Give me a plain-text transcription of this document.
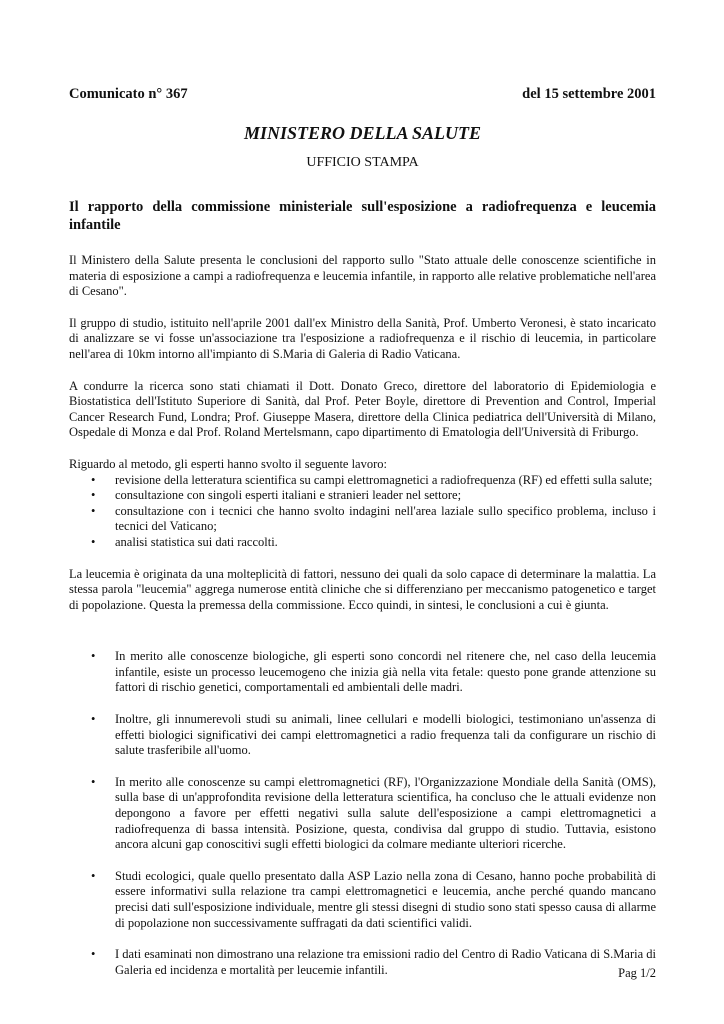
Comunicato n° 367	del 15 settembre 2001
MINISTERO DELLA SALUTE
UFFICIO STAMPA
Il rapporto della commissione ministeriale sull'esposizione a radiofrequenza e leucemia infantile

Il Ministero della Salute presenta le conclusioni del rapporto sullo "Stato attuale delle conoscenze scientifiche in materia di esposizione a campi a radiofrequenza e leucemia infantile, in rapporto alle relative problematiche nell'area di Cesano".

Il gruppo di studio, istituito nell'aprile 2001 dall'ex Ministro della Sanità, Prof. Umberto Veronesi, è stato incaricato di analizzare se vi fosse un'associazione tra l'esposizione a radiofrequenza e il rischio di leucemia, in particolare nell'area di 10km intorno all'impianto di S.Maria di Galeria di Radio Vaticana.

A condurre la ricerca sono stati chiamati il Dott. Donato Greco, direttore del laboratorio di Epidemiologia e Biostatistica dell'Istituto Superiore di Sanità, dal Prof. Peter Boyle, direttore di Prevention and Control, Imperial Cancer Research Fund, Londra; Prof. Giuseppe Masera, direttore della Clinica pediatrica dell'Università di Milano, Ospedale di Monza e dal Prof. Roland Mertelsmann, capo dipartimento di Ematologia dell'Università di Friburgo.

Riguardo al metodo, gli esperti hanno svolto il seguente lavoro:

• revisione della letteratura scientifica su campi elettromagnetici a radiofrequenza (RF) ed effetti sulla salute;
• consultazione con singoli esperti italiani e stranieri leader nel settore;
• consultazione con i tecnici che hanno svolto indagini nell'area laziale sullo specifico problema, incluso i tecnici del Vaticano;
• analisi statistica sui dati raccolti.

La leucemia è originata da una molteplicità di fattori, nessuno dei quali da solo capace di determinare la malattia. La stessa parola "leucemia" aggrega numerose entità cliniche che si differenziano per meccanismo patogenetico e target di popolazione. Questa la premessa della commissione. Ecco quindi, in sintesi, le conclusioni a cui è giunta.

• In merito alle conoscenze biologiche, gli esperti sono concordi nel ritenere che, nel caso della leucemia infantile, esiste un processo leucemogeno che inizia già nella vita fetale: questo pone grande attenzione su fattori di rischio genetici, comportamentali ed ambientali delle madri.
• Inoltre, gli innumerevoli studi su animali, linee cellulari e modelli biologici, testimoniano un'assenza di effetti biologici significativi dei campi elettromagnetici a radio frequenza tali da configurare un rischio di salute trasferibile all'uomo.
• In merito alle conoscenze su campi elettromagnetici (RF), l'Organizzazione Mondiale della Sanità (OMS), sulla base di un'approfondita revisione della letteratura scientifica, ha concluso che le attuali evidenze non depongono a favore per effetti negativi sulla salute dell'esposizione a campi elettromagnetici a radiofrequenza di bassa intensità. Posizione, questa, condivisa dal gruppo di studio. Tuttavia, esistono ancora alcuni gap conoscitivi sugli effetti biologici da colmare mediante ulteriori ricerche.
• Studi ecologici, quale quello presentato dalla ASP Lazio nella zona di Cesano, hanno poche probabilità di essere informativi sulla relazione tra campi elettromagnetici e leucemia, anche perché quando mancano precisi dati sull'esposizione individuale, mentre gli stessi disegni di studio sono stati spesso causa di allarme di popolazione non successivamente suffragati da dati scientifici validi.
• I dati esaminati non dimostrano una relazione tra emissioni radio del Centro di Radio Vaticana di S.Maria di Galeria ed incidenza e mortalità per leucemie infantili.	Pag 1/2
